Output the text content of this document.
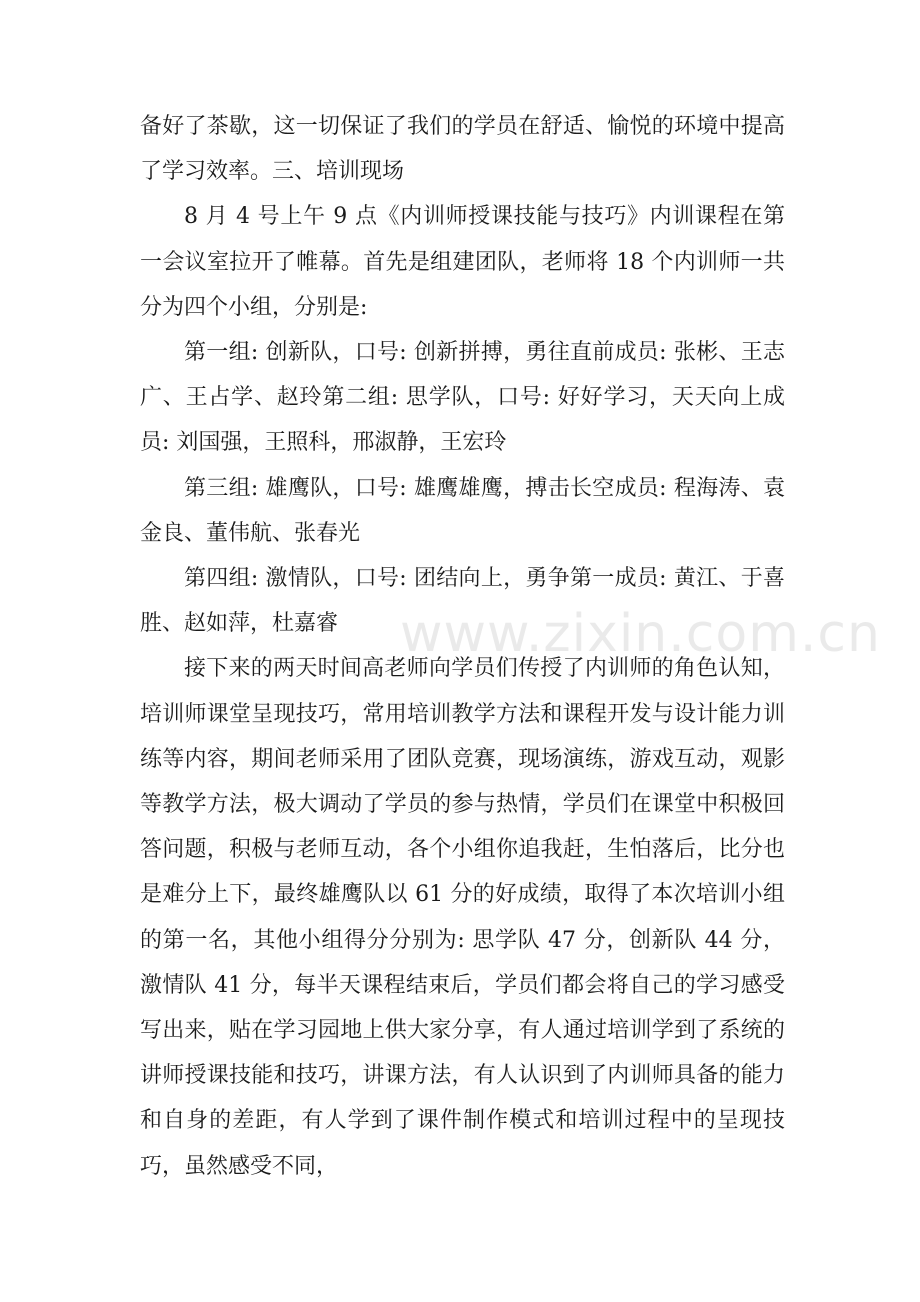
备好了茶歇，这一切保证了我们的学员在舒适、愉悦的环境中提高了学习效率。三、培训现场

8 月 4 号上午 9 点《内训师授课技能与技巧》内训课程在第一会议室拉开了帷幕。首先是组建团队，老师将 18 个内训师一共分为四个小组，分别是:

第一组: 创新队，口号: 创新拼搏，勇往直前成员: 张彬、王志广、王占学、赵玲第二组: 思学队，口号: 好好学习，天天向上成员: 刘国强，王照科，邢淑静，王宏玲

第三组: 雄鹰队，口号: 雄鹰雄鹰，搏击长空成员: 程海涛、袁金良、董伟航、张春光

第四组: 激情队，口号: 团结向上，勇争第一成员: 黄江、于喜胜、赵如萍，杜嘉睿

接下来的两天时间高老师向学员们传授了内训师的角色认知，培训师课堂呈现技巧，常用培训教学方法和课程开发与设计能力训练等内容，期间老师采用了团队竞赛，现场演练，游戏互动，观影等教学方法，极大调动了学员的参与热情，学员们在课堂中积极回答问题，积极与老师互动，各个小组你追我赶，生怕落后，比分也是难分上下，最终雄鹰队以 61 分的好成绩，取得了本次培训小组的第一名，其他小组得分分别为: 思学队 47 分，创新队 44 分，激情队 41 分，每半天课程结束后，学员们都会将自己的学习感受写出来，贴在学习园地上供大家分享，有人通过培训学到了系统的讲师授课技能和技巧，讲课方法，有人认识到了内训师具备的能力和自身的差距，有人学到了课件制作模式和培训过程中的呈现技巧，虽然感受不同，

www.zixin.com.cn
